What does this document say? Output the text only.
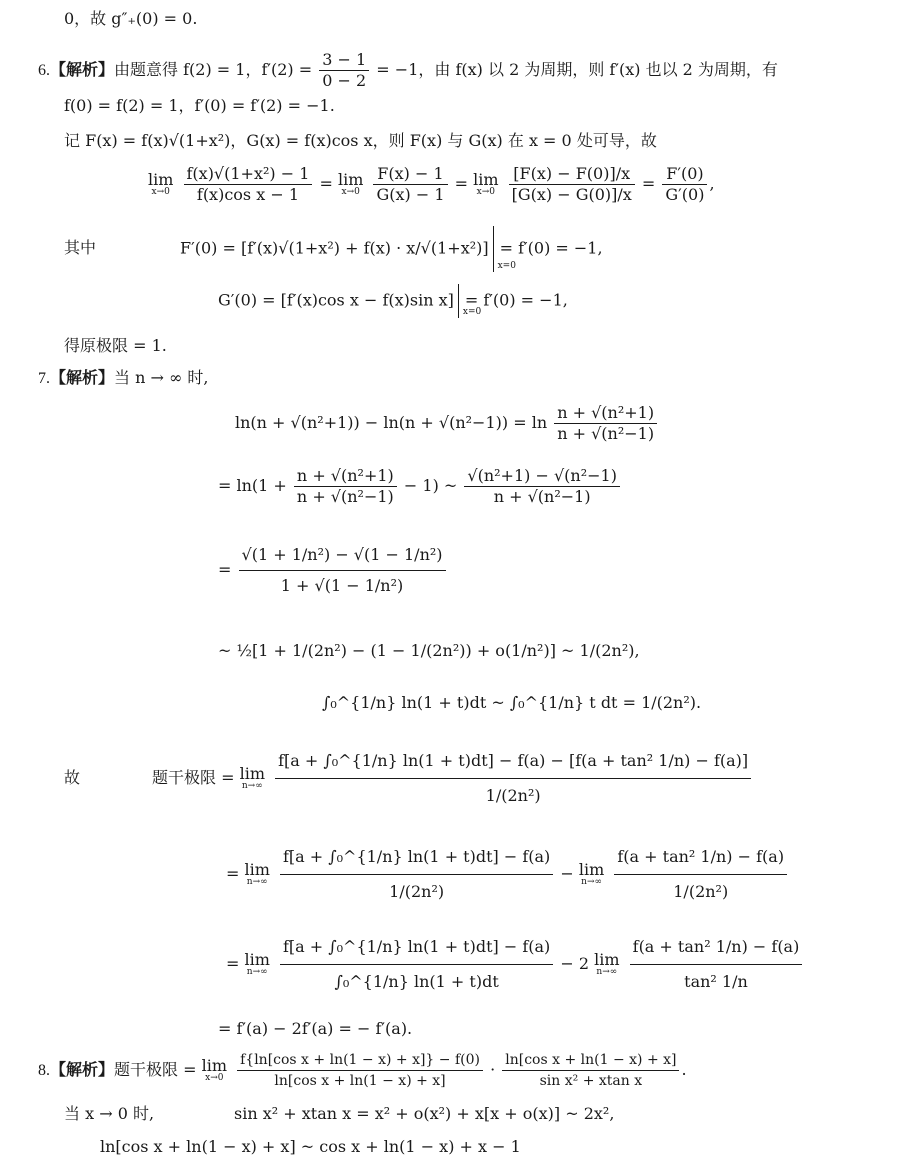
0，故 g″₊(0) = 0.
6.【解析】由题意得 f(2) = 1，$f'(2) = \frac{3 - 1}{0 - 2} = -1$，由 f(x) 以 2 为周期，则 f′(x) 也以 2 为周期，有
f(0) = f(2) = 1，f′(0) = f′(2) = −1.
记 F(x) = f(x)√(1+x²)，G(x) = f(x)cos x，则 F(x) 与 G(x) 在 x = 0 处可导，故
lim
x→0
$\frac{\text{f(x)√(1+x²) − 1}}{\text{f(x)cos x − 1}} = \lim$
x→0
$\frac{F(x) - 1}{G(x) - 1} = \lim$
x→0
$\frac{[F(x) - F(0)]/x}{[G(x) - G(0)]/x} = \frac{F'(0)}{G'(0)}$ ,
其中	F′(0) = [f′(x)√(1+x²) + f(x) · x/√(1+x²)]
x=0
= f′(0) = −1,
G′(0) = [f′(x)cos x − f(x)sin x]
x=0
= f′(0) = −1,
得原极限 = 1.
7.【解析】当 n → ∞ 时,
$\ln(n + √(n^2+1)) - \ln(n + √(n^2-1)) = \ln \frac{\text{n + √(n²+1)}}{\text{n + √(n²−1)}}$
= $\ln(1 + \frac{\text{n + √(n²+1)}}{\text{n + √(n²−1)}} - 1)$ ~ $\frac{\text{√(n²+1) − √(n²−1)}}{\text{n + √(n²−1)}}$
= $\frac{\text{√(1 + 1/n²) − √(1 − 1/n²)}}{\text{1 + √(1 − 1/n²)}}$
~ ½[1 + 1/(2n²) − (1 − 1/(2n²)) + o(1/n²)] ~ 1/(2n²),
∫₀^{1/n} ln(1 + t)dt ~ ∫₀^{1/n} t dt = 1/(2n²).
故	题干极限 = lim
n→∞

f[a + ∫₀^{1/n} ln(1 + t)dt] − f(a) − [f(a + tan² 1/n) − f(a)]
1/(2n²)
= lim
n→∞
$\frac{\text{f[a + ∫₀\textasciicircum{}\{1/n\} ln(1 + t)dt] − f(a)}}{\text{1/(2n²)}} - \lim$
n→∞
$\frac{\text{f(a + tan² 1/n) − f(a)}}{\text{1/(2n²)}}$
= lim
n→∞
$\frac{\text{f[a + ∫₀\textasciicircum{}\{1/n\} ln(1 + t)dt] − f(a)}}{\text{∫₀\textasciicircum{}\{1/n\} ln(1 + t)dt}} - 2$ lim
n→∞
$\frac{\text{f(a + tan² 1/n) − f(a)}}{\text{tan² 1/n}}$
= f′(a) − 2f′(a) = − f′(a).
8.【解析】题干极限 = lim
x→0
$\frac{\text{f\{ln[cos x + ln(1 − x) + x]\} − f(0)}}{\text{ln[cos x + ln(1 − x) + x]}} \cdot \frac{\text{ln[cos x + ln(1 − x) + x]}}{\text{sin x² + xtan x}}$ .
当 x → 0 时,	sin x² + xtan x = x² + o(x²) + x[x + o(x)] ~ 2x²,
ln[cos x + ln(1 − x) + x] ~ cos x + ln(1 − x) + x − 1
